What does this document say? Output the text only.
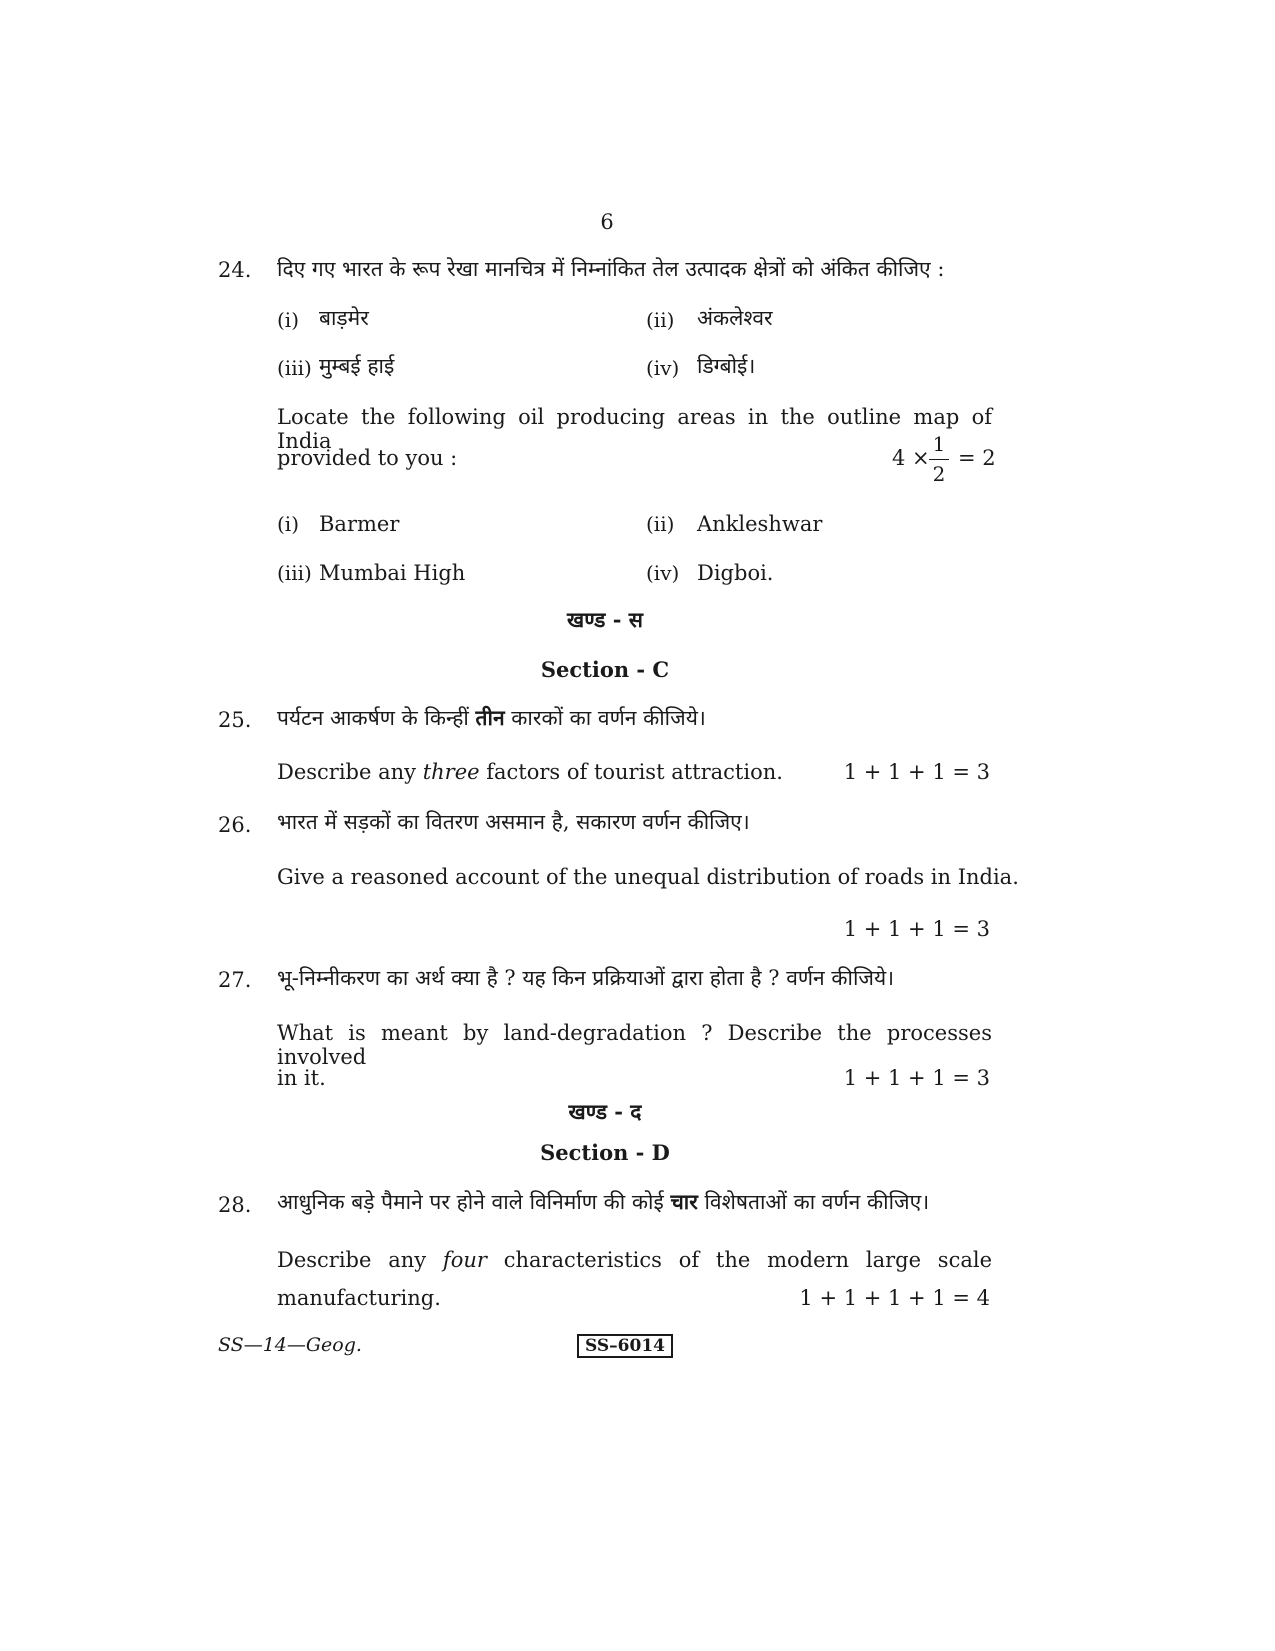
6
24. दिए गए भारत के रूप रेखा मानचित्र में निम्नांकित तेल उत्पादक क्षेत्रों को अंकित कीजिए :
(i) बाड़मेर	(ii) अंकलेश्वर
(iii) मुम्बई हाई	(iv) डिग्बोई।
Locate the following oil producing areas in the outline map of India
provided to you :	4 ×
1
2
= 2
(i) Barmer	(ii) Ankleshwar
(iii) Mumbai High	(iv) Digboi.
खण्ड - स
Section - C
25. पर्यटन आकर्षण के किन्हीं तीन कारकों का वर्णन कीजिये।
Describe any three factors of tourist attraction.	1 + 1 + 1 = 3
26. भारत में सड़कों का वितरण असमान है, सकारण वर्णन कीजिए।
Give a reasoned account of the unequal distribution of roads in India.
1 + 1 + 1 = 3
27. भू-निम्नीकरण का अर्थ क्या है ? यह किन प्रक्रियाओं द्वारा होता है ? वर्णन कीजिये।
What is meant by land-degradation ? Describe the processes involved
in it.	1 + 1 + 1 = 3
खण्ड - द
Section - D
28. आधुनिक बड़े पैमाने पर होने वाले विनिर्माण की कोई चार विशेषताओं का वर्णन कीजिए।
Describe any four characteristics of the modern large scale
manufacturing.	1 + 1 + 1 + 1 = 4
SS—14—Geog.	SS–6014
